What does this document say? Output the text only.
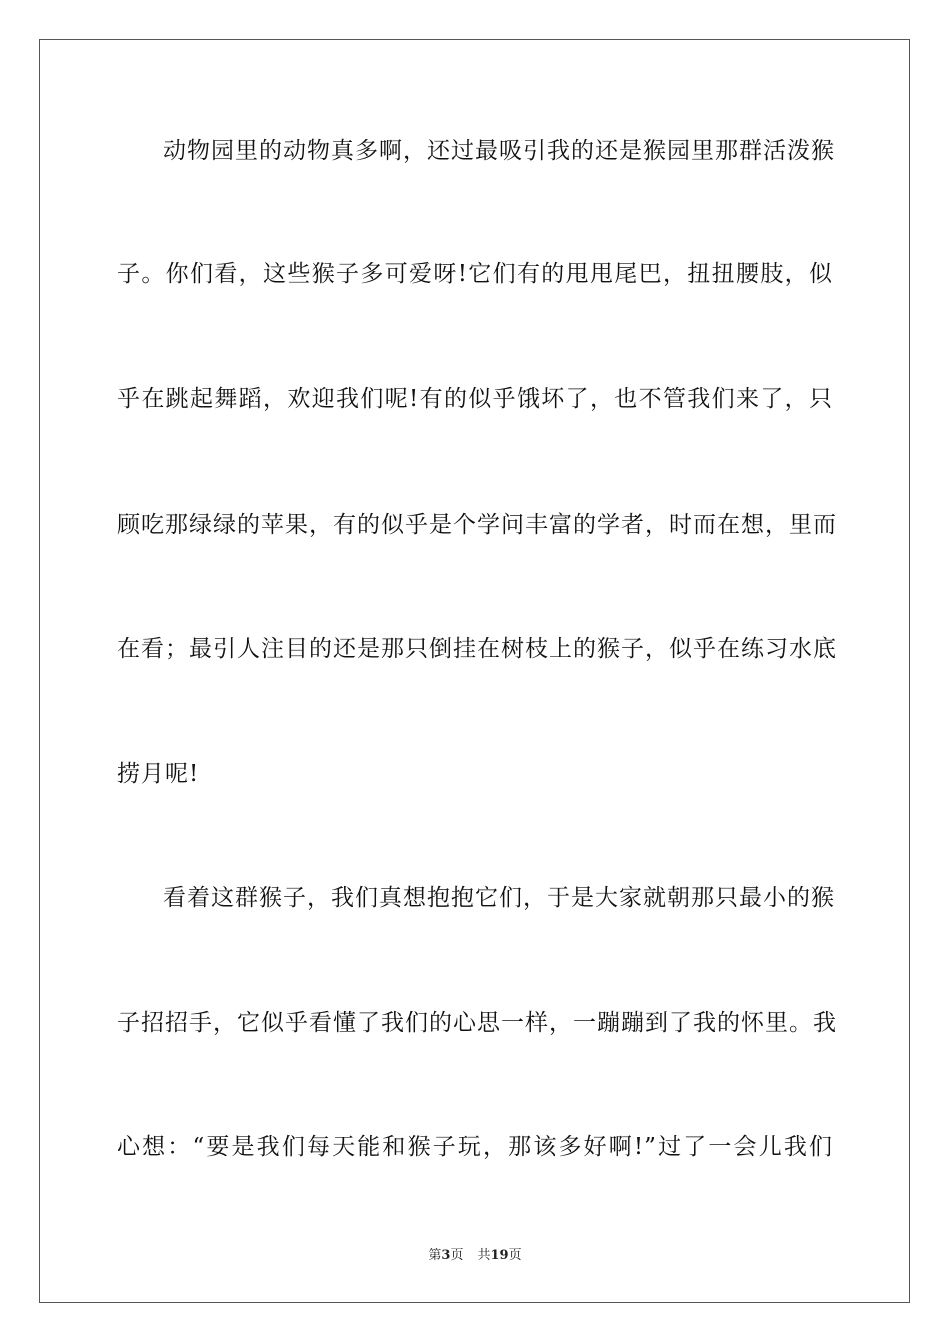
动物园里的动物真多啊，还过最吸引我的还是猴园里那群活泼猴
子。你们看，这些猴子多可爱呀!它们有的甩甩尾巴，扭扭腰肢，似
乎在跳起舞蹈，欢迎我们呢!有的似乎饿坏了，也不管我们来了，只
顾吃那绿绿的苹果，有的似乎是个学问丰富的学者，时而在想，里而
在看；最引人注目的还是那只倒挂在树枝上的猴子，似乎在练习水底
捞月呢!
看着这群猴子，我们真想抱抱它们，于是大家就朝那只最小的猴
子招招手，它似乎看懂了我们的心思一样，一蹦蹦到了我的怀里。我
心想：“要是我们每天能和猴子玩，那该多好啊!”过了一会儿我们
第3页 共19页
